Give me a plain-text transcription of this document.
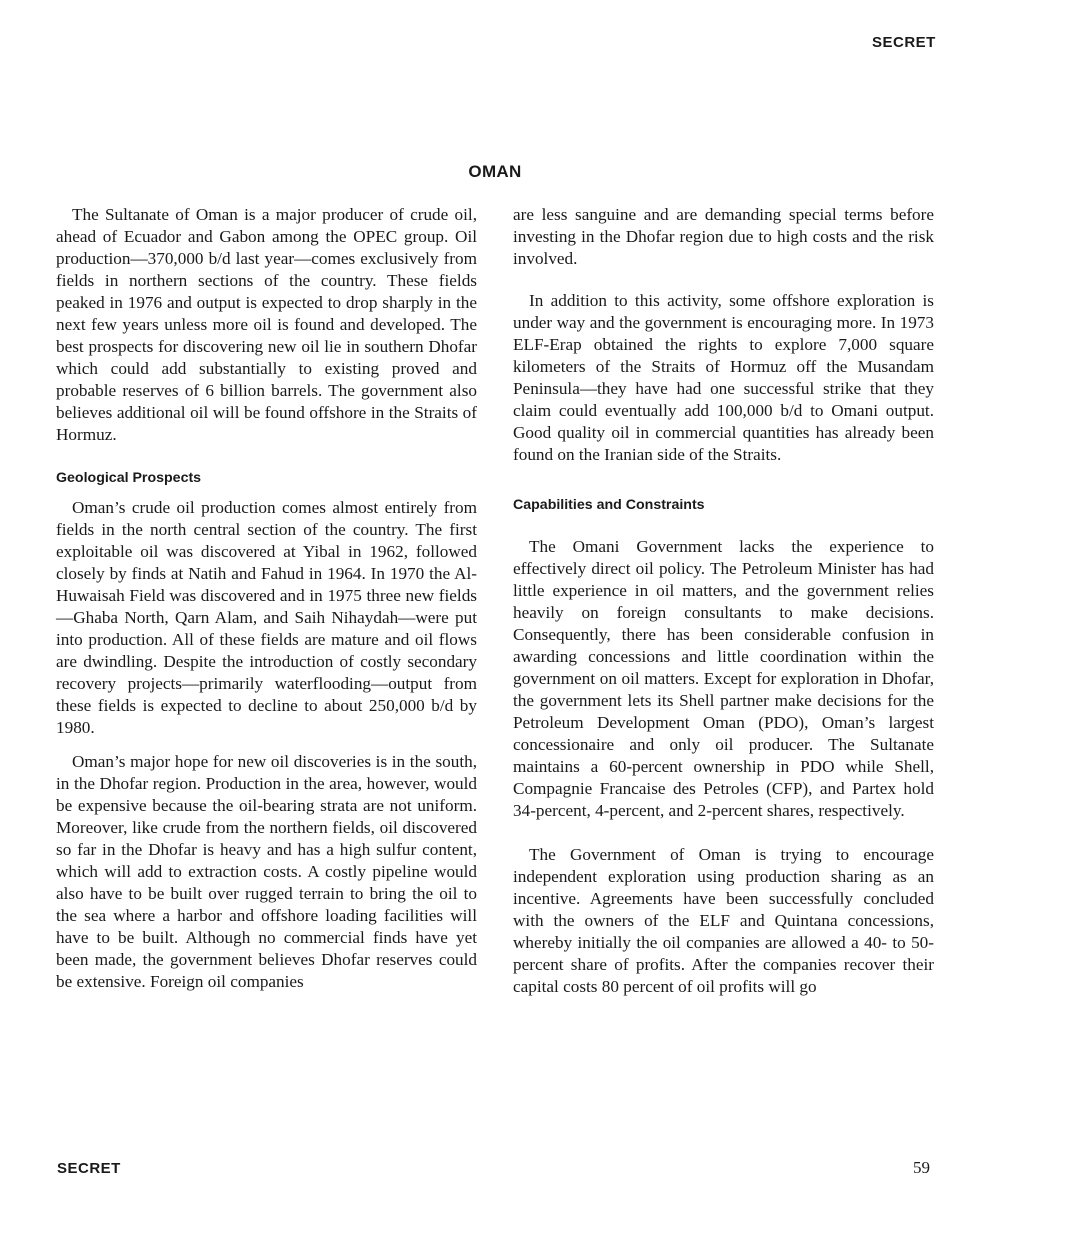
SECRET
OMAN

The Sultanate of Oman is a major producer of crude oil, ahead of Ecuador and Gabon among the OPEC group. Oil production—370,000 b/d last year—comes exclusively from fields in northern sections of the country. These fields peaked in 1976 and output is expected to drop sharply in the next few years unless more oil is found and developed. The best prospects for discovering new oil lie in southern Dhofar which could add substantially to existing proved and probable reserves of 6 billion barrels. The government also believes additional oil will be found offshore in the Straits of Hormuz.

Geological Prospects

Oman’s crude oil production comes almost entirely from fields in the north central section of the country. The first exploitable oil was discovered at Yibal in 1962, followed closely by finds at Natih and Fahud in 1964. In 1970 the Al-Huwaisah Field was discovered and in 1975 three new fields—Ghaba North, Qarn Alam, and Saih Nihaydah—were put into production. All of these fields are mature and oil flows are dwindling. Despite the introduction of costly secondary recovery projects—primarily waterflooding—output from these fields is expected to decline to about 250,000 b/d by 1980.

Oman’s major hope for new oil discoveries is in the south, in the Dhofar region. Production in the area, however, would be expensive because the oil-bearing strata are not uniform. Moreover, like crude from the northern fields, oil discovered so far in the Dhofar is heavy and has a high sulfur content, which will add to extraction costs. A costly pipeline would also have to be built over rugged terrain to bring the oil to the sea where a harbor and offshore loading facilities will have to be built. Although no commercial finds have yet been made, the government believes Dhofar reserves could be extensive. Foreign oil companies

are less sanguine and are demanding special terms before investing in the Dhofar region due to high costs and the risk involved.

In addition to this activity, some offshore exploration is under way and the government is encouraging more. In 1973 ELF-Erap obtained the rights to explore 7,000 square kilometers of the Straits of Hormuz off the Musandam Peninsula—they have had one successful strike that they claim could eventually add 100,000 b/d to Omani output. Good quality oil in commercial quantities has already been found on the Iranian side of the Straits.

Capabilities and Constraints

The Omani Government lacks the experience to effectively direct oil policy. The Petroleum Minister has had little experience in oil matters, and the government relies heavily on foreign consultants to make decisions. Consequently, there has been considerable confusion in awarding concessions and little coordination within the government on oil matters. Except for exploration in Dhofar, the government lets its Shell partner make decisions for the Petroleum Development Oman (PDO), Oman’s largest concessionaire and only oil producer. The Sultanate maintains a 60-percent ownership in PDO while Shell, Compagnie Francaise des Petroles (CFP), and Partex hold 34-percent, 4-percent, and 2-percent shares, respectively.

The Government of Oman is trying to encourage independent exploration using production sharing as an incentive. Agreements have been successfully concluded with the owners of the ELF and Quintana concessions, whereby initially the oil companies are allowed a 40- to 50-percent share of profits. After the companies recover their capital costs 80 percent of oil profits will go

SECRET	59
